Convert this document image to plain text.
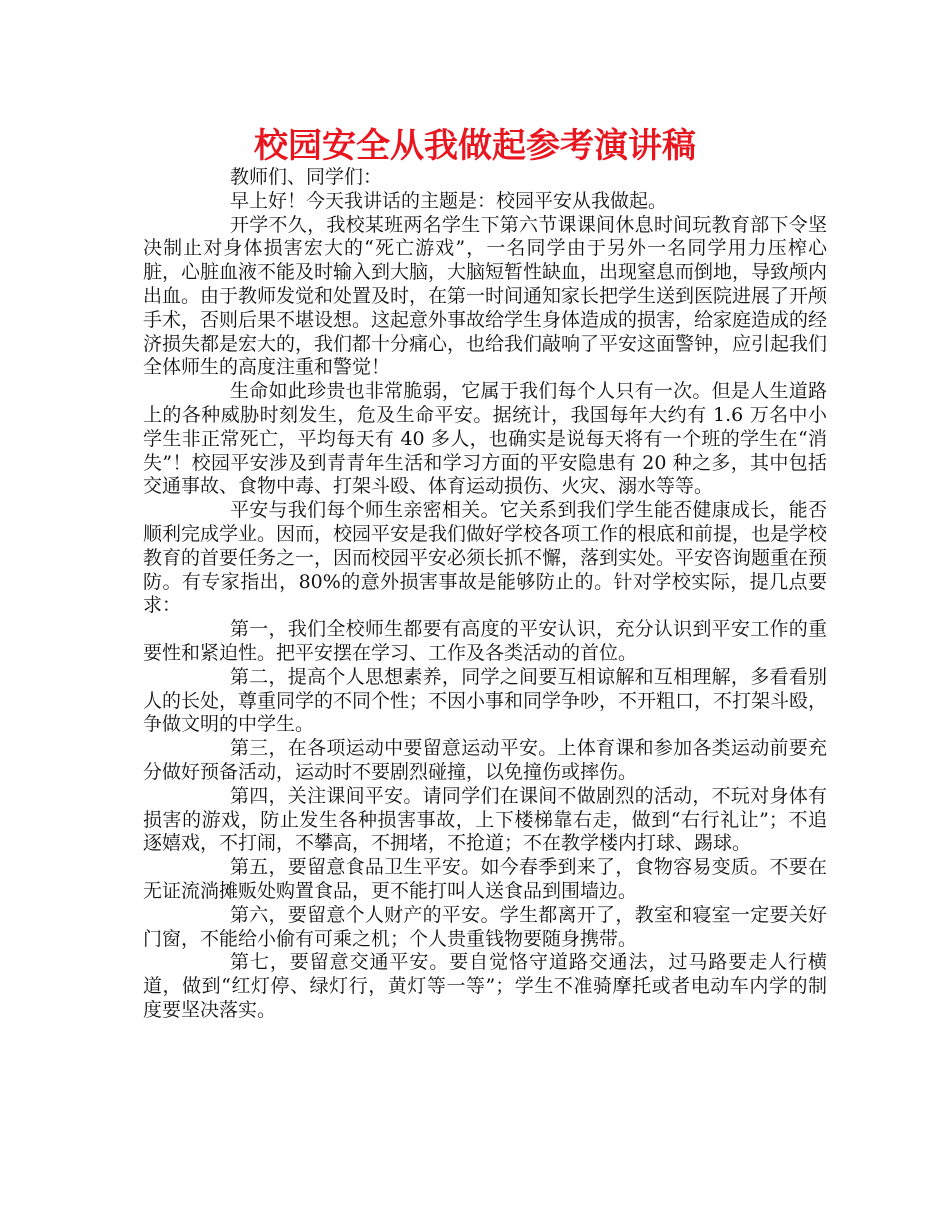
校园安全从我做起参考演讲稿

教师们、同学们：

早上好！今天我讲话的主题是：校园平安从我做起。

开学不久，我校某班两名学生下第六节课课间休息时间玩教育部下令坚决制止对身体损害宏大的“死亡游戏”，一名同学由于另外一名同学用力压榨心脏，心脏血液不能及时输入到大脑，大脑短暂性缺血，出现窒息而倒地，导致颅内出血。由于教师发觉和处置及时，在第一时间通知家长把学生送到医院进展了开颅手术，否则后果不堪设想。这起意外事故给学生身体造成的损害，给家庭造成的经济损失都是宏大的，我们都十分痛心，也给我们敲响了平安这面警钟，应引起我们全体师生的高度注重和警觉！

生命如此珍贵也非常脆弱，它属于我们每个人只有一次。但是人生道路上的各种威胁时刻发生，危及生命平安。据统计，我国每年大约有 1.6 万名中小学生非正常死亡，平均每天有 40 多人，也确实是说每天将有一个班的学生在“消失”！校园平安涉及到青青年生活和学习方面的平安隐患有 20 种之多，其中包括交通事故、食物中毒、打架斗殴、体育运动损伤、火灾、溺水等等。

平安与我们每个师生亲密相关。它关系到我们学生能否健康成长，能否顺利完成学业。因而，校园平安是我们做好学校各项工作的根底和前提，也是学校教育的首要任务之一，因而校园平安必须长抓不懈，落到实处。平安咨询题重在预防。有专家指出，80%的意外损害事故是能够防止的。针对学校实际，提几点要求：

第一，我们全校师生都要有高度的平安认识，充分认识到平安工作的重要性和紧迫性。把平安摆在学习、工作及各类活动的首位。

第二，提高个人思想素养，同学之间要互相谅解和互相理解，多看看别人的长处，尊重同学的不同个性；不因小事和同学争吵，不开粗口，不打架斗殴，争做文明的中学生。

第三，在各项运动中要留意运动平安。上体育课和参加各类运动前要充分做好预备活动，运动时不要剧烈碰撞，以免撞伤或摔伤。

第四，关注课间平安。请同学们在课间不做剧烈的活动，不玩对身体有损害的游戏，防止发生各种损害事故，上下楼梯靠右走，做到“右行礼让”；不追逐嬉戏，不打闹，不攀高，不拥堵，不抢道；不在教学楼内打球、踢球。

第五，要留意食品卫生平安。如今春季到来了，食物容易变质。不要在无证流淌摊贩处购置食品，更不能打叫人送食品到围墙边。

第六，要留意个人财产的平安。学生都离开了，教室和寝室一定要关好门窗，不能给小偷有可乘之机；个人贵重钱物要随身携带。

第七，要留意交通平安。要自觉恪守道路交通法，过马路要走人行横道，做到“红灯停、绿灯行，黄灯等一等”；学生不准骑摩托或者电动车内学的制度要坚决落实。
